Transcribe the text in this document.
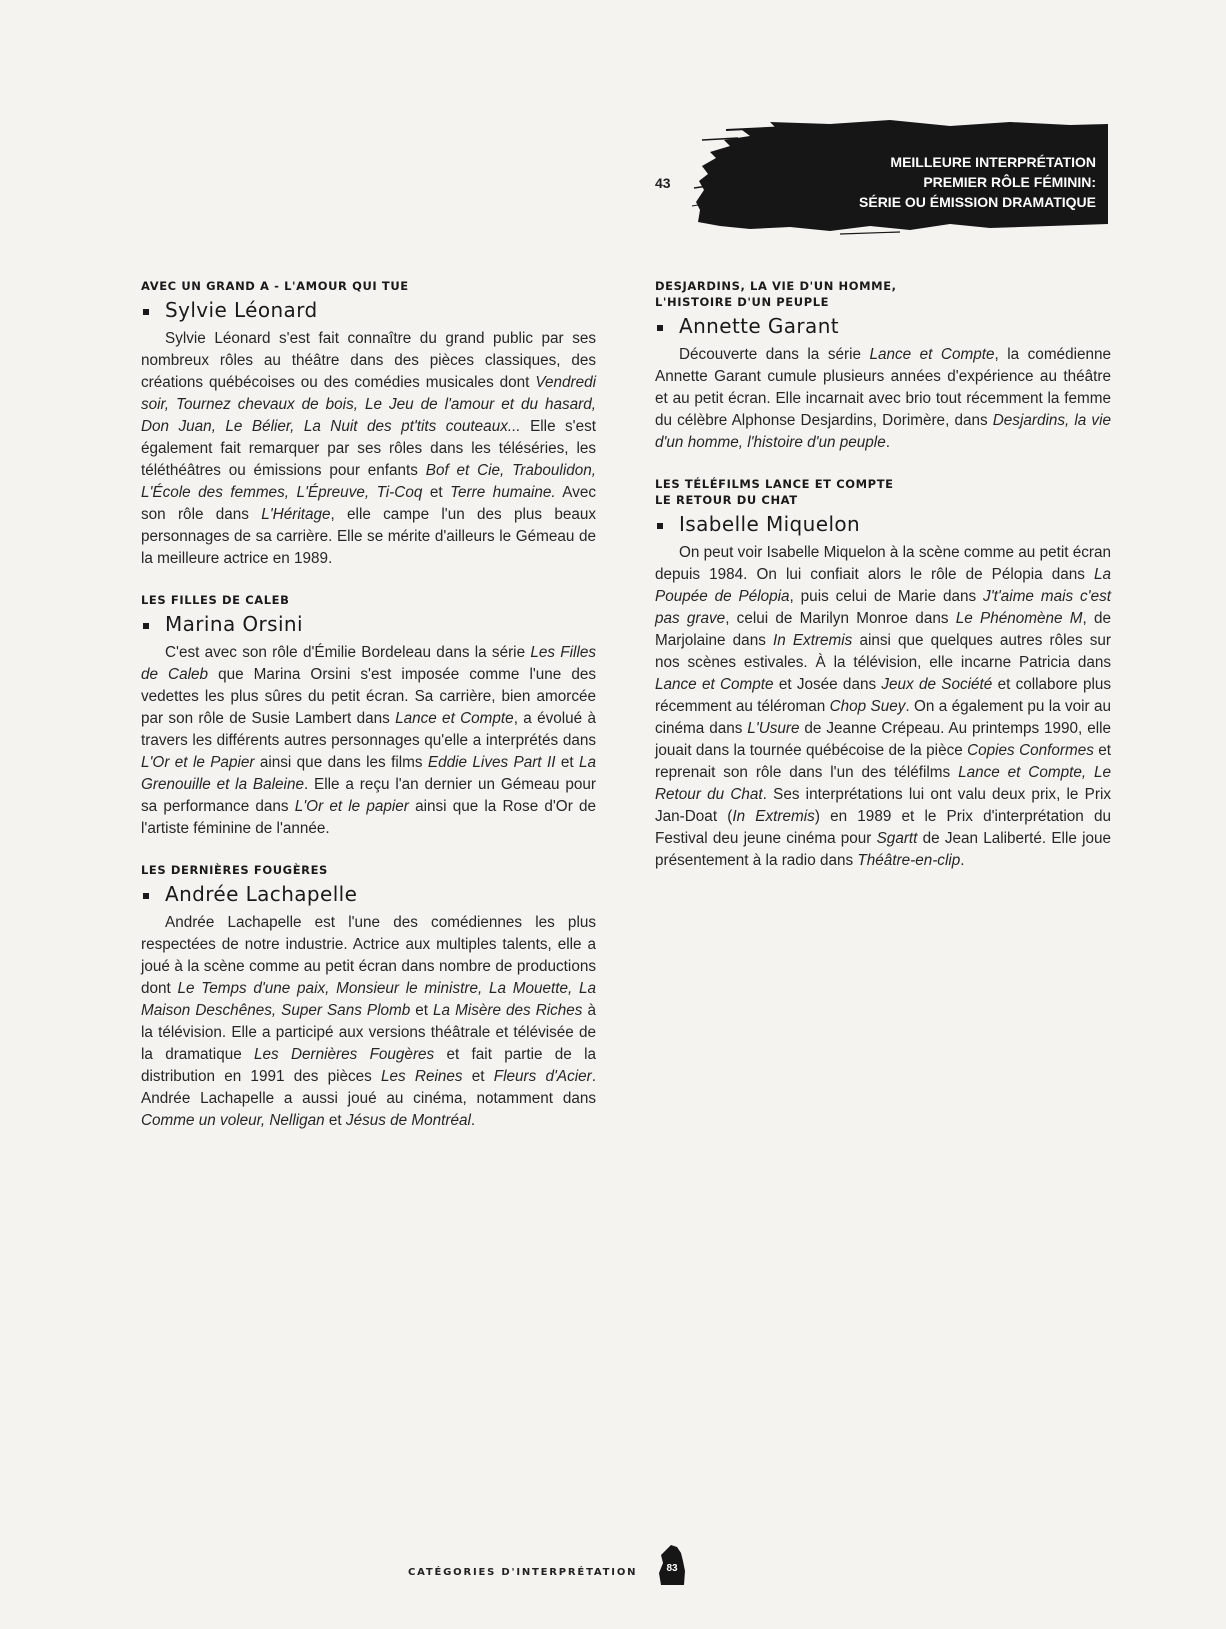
43
MEILLEURE INTERPRÉTATION
PREMIER RÔLE FÉMININ:
SÉRIE OU ÉMISSION DRAMATIQUE
AVEC UN GRAND A - L'AMOUR QUI TUE
Sylvie Léonard

Sylvie Léonard s'est fait connaître du grand public par ses nombreux rôles au théâtre dans des pièces classiques, des créations québécoises ou des comédies musicales dont Vendredi soir, Tournez chevaux de bois, Le Jeu de l'amour et du hasard, Don Juan, Le Bélier, La Nuit des pt'tits couteaux... Elle s'est également fait remarquer par ses rôles dans les téléséries, les téléthéâtres ou émissions pour enfants Bof et Cie, Traboulidon, L'École des femmes, L'Épreuve, Ti-Coq et Terre humaine. Avec son rôle dans L'Héritage, elle campe l'un des plus beaux personnages de sa carrière. Elle se mérite d'ailleurs le Gémeau de la meilleure actrice en 1989.

LES FILLES DE CALEB
Marina Orsini

C'est avec son rôle d'Émilie Bordeleau dans la série Les Filles de Caleb que Marina Orsini s'est imposée comme l'une des vedettes les plus sûres du petit écran. Sa carrière, bien amorcée par son rôle de Susie Lambert dans Lance et Compte, a évolué à travers les différents autres personnages qu'elle a interprétés dans L'Or et le Papier ainsi que dans les films Eddie Lives Part II et La Grenouille et la Baleine. Elle a reçu l'an dernier un Gémeau pour sa performance dans L'Or et le papier ainsi que la Rose d'Or de l'artiste féminine de l'année.

LES DERNIÈRES FOUGÈRES
Andrée Lachapelle

Andrée Lachapelle est l'une des comédiennes les plus respectées de notre industrie. Actrice aux multiples talents, elle a joué à la scène comme au petit écran dans nombre de productions dont Le Temps d'une paix, Monsieur le ministre, La Mouette, La Maison Deschênes, Super Sans Plomb et La Misère des Riches à la télévision. Elle a participé aux versions théâtrale et télévisée de la dramatique Les Dernières Fougères et fait partie de la distribution en 1991 des pièces Les Reines et Fleurs d'Acier. Andrée Lachapelle a aussi joué au cinéma, notamment dans Comme un voleur, Nelligan et Jésus de Montréal.

DESJARDINS, LA VIE D'UN HOMME,
L'HISTOIRE D'UN PEUPLE
Annette Garant

Découverte dans la série Lance et Compte, la comédienne Annette Garant cumule plusieurs années d'expérience au théâtre et au petit écran. Elle incarnait avec brio tout récemment la femme du célèbre Alphonse Desjardins, Dorimère, dans Desjardins, la vie d'un homme, l'histoire d'un peuple.

LES TÉLÉFILMS LANCE ET COMPTE
LE RETOUR DU CHAT
Isabelle Miquelon

On peut voir Isabelle Miquelon à la scène comme au petit écran depuis 1984. On lui confiait alors le rôle de Pélopia dans La Poupée de Pélopia, puis celui de Marie dans J't'aime mais c'est pas grave, celui de Marilyn Monroe dans Le Phénomène M, de Marjolaine dans In Extremis ainsi que quelques autres rôles sur nos scènes estivales. À la télévision, elle incarne Patricia dans Lance et Compte et Josée dans Jeux de Société et collabore plus récemment au téléroman Chop Suey. On a également pu la voir au cinéma dans L'Usure de Jeanne Crépeau. Au printemps 1990, elle jouait dans la tournée québécoise de la pièce Copies Conformes et reprenait son rôle dans l'un des téléfilms Lance et Compte, Le Retour du Chat. Ses interprétations lui ont valu deux prix, le Prix Jan-Doat (In Extremis) en 1989 et le Prix d'interprétation du Festival deu jeune cinéma pour Sgartt de Jean Laliberté. Elle joue présentement à la radio dans Théâtre-en-clip.

CATÉGORIES D'INTERPRÉTATION	83
